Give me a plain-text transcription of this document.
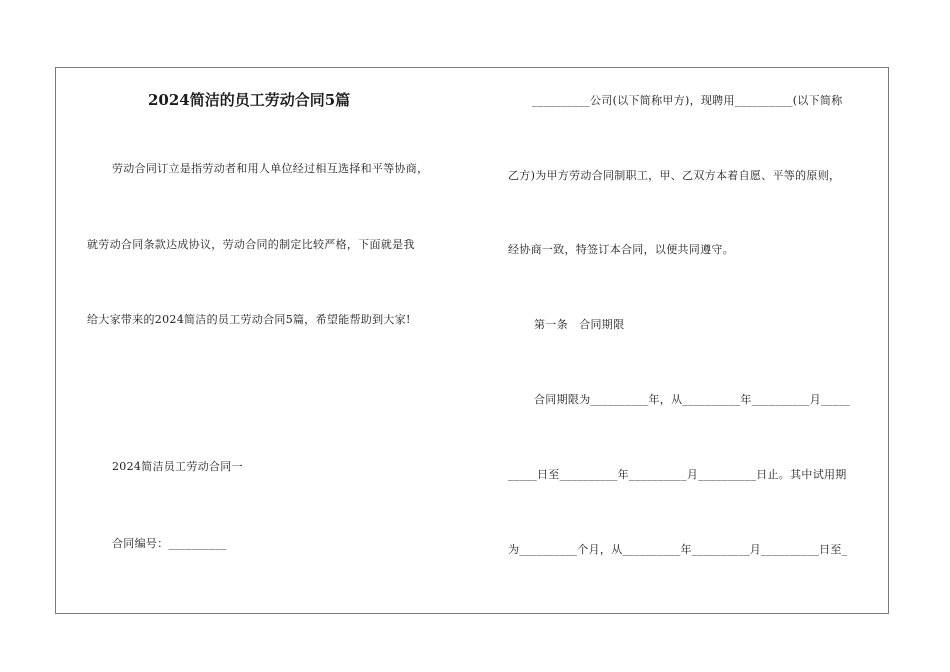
2024简洁的员工劳动合同5篇
劳动合同订立是指劳动者和用人单位经过相互选择和平等协商，
就劳动合同条款达成协议，劳动合同的制定比较严格，下面就是我
给大家带来的2024简洁的员工劳动合同5篇，希望能帮助到大家!
2024简洁员工劳动合同一
合同编号：__________
__________公司(以下简称甲方)，现聘用__________(以下简称
乙方)为甲方劳动合同制职工，甲、乙双方本着自愿、平等的原则，
经协商一致，特签订本合同，以便共同遵守。
第一条　合同期限
合同期限为__________年，从__________年__________月_____
_____日至__________年__________月__________日止。其中试用期
为__________个月，从__________年__________月__________日至_
